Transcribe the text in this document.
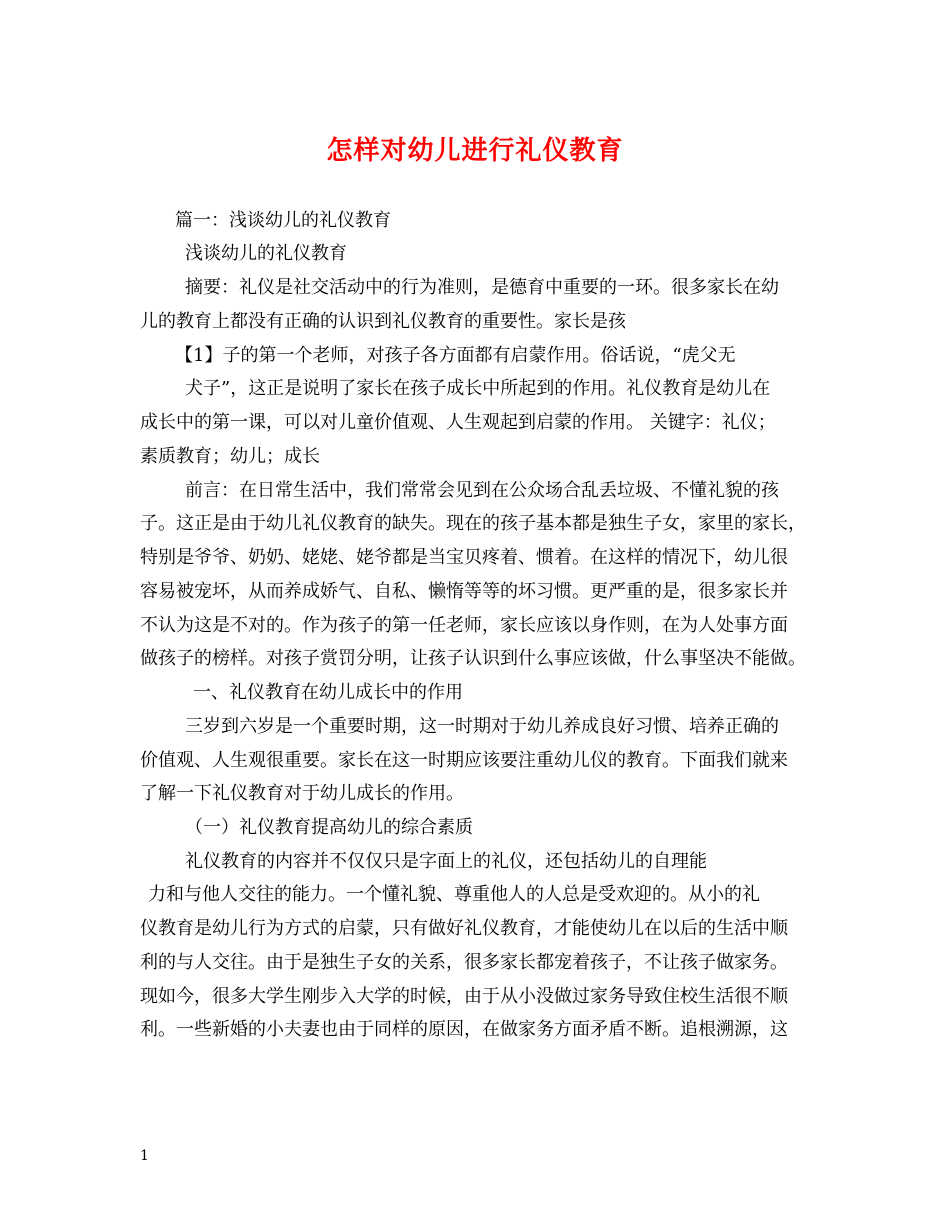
怎样对幼儿进行礼仪教育
篇一：浅谈幼儿的礼仪教育
浅谈幼儿的礼仪教育
摘要：礼仪是社交活动中的行为准则，是德育中重要的一环。很多家长在幼
儿的教育上都没有正确的认识到礼仪教育的重要性。家长是孩
【1】子的第一个老师，对孩子各方面都有启蒙作用。俗话说，“虎父无
犬子”，这正是说明了家长在孩子成长中所起到的作用。礼仪教育是幼儿在
成长中的第一课，可以对儿童价值观、人生观起到启蒙的作用。 关键字：礼仪；
素质教育；幼儿；成长
前言：在日常生活中，我们常常会见到在公众场合乱丢垃圾、不懂礼貌的孩
子。这正是由于幼儿礼仪教育的缺失。现在的孩子基本都是独生子女，家里的家长，
特别是爷爷、奶奶、姥姥、姥爷都是当宝贝疼着、惯着。在这样的情况下，幼儿很
容易被宠坏，从而养成娇气、自私、懒惰等等的坏习惯。更严重的是，很多家长并
不认为这是不对的。作为孩子的第一任老师，家长应该以身作则，在为人处事方面
做孩子的榜样。对孩子赏罚分明，让孩子认识到什么事应该做，什么事坚决不能做。
一、礼仪教育在幼儿成长中的作用
三岁到六岁是一个重要时期，这一时期对于幼儿养成良好习惯、培养正确的
价值观、人生观很重要。家长在这一时期应该要注重幼儿仪的教育。下面我们就来
了解一下礼仪教育对于幼儿成长的作用。
（一）礼仪教育提高幼儿的综合素质
礼仪教育的内容并不仅仅只是字面上的礼仪，还包括幼儿的自理能
力和与他人交往的能力。一个懂礼貌、尊重他人的人总是受欢迎的。从小的礼
仪教育是幼儿行为方式的启蒙，只有做好礼仪教育，才能使幼儿在以后的生活中顺
利的与人交往。由于是独生子女的关系，很多家长都宠着孩子，不让孩子做家务。
现如今，很多大学生刚步入大学的时候，由于从小没做过家务导致住校生活很不顺
利。一些新婚的小夫妻也由于同样的原因，在做家务方面矛盾不断。追根溯源，这
1
